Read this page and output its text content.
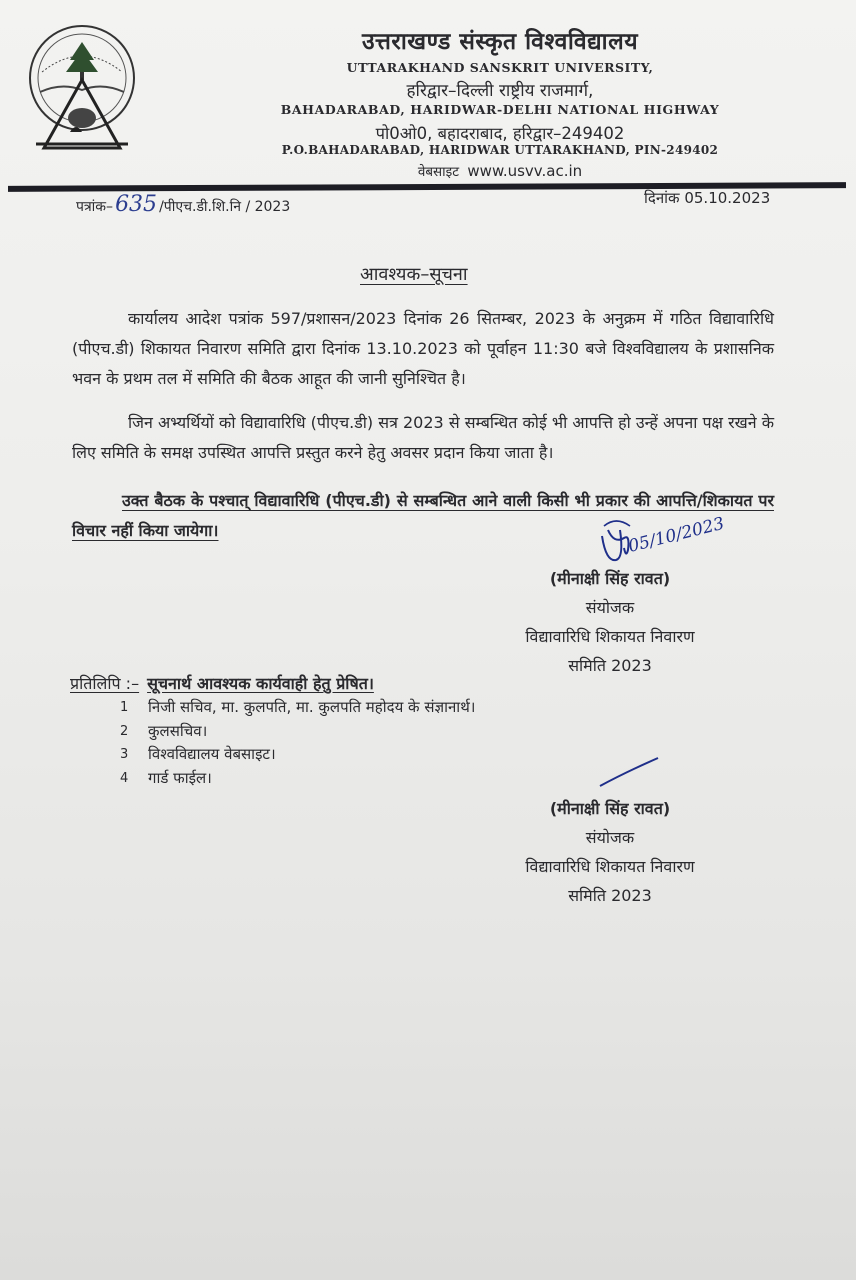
उत्तराखण्ड संस्कृत विश्वविद्यालय
UTTARAKHAND SANSKRIT UNIVERSITY,
हरिद्वार–दिल्ली राष्ट्रीय राजमार्ग,
BAHADARABAD, HARIDWAR-DELHI NATIONAL HIGHWAY
पो0ओ0, बहादराबाद, हरिद्वार–249402
P.O.BAHADARABAD, HARIDWAR UTTARAKHAND, PIN-249402
वेबसाइट www.usvv.ac.in
पत्रांक–635 /पीएच.डी.शि.नि / 2023	दिनांक 05.10.2023
आवश्यक–सूचना
कार्यालय आदेश पत्रांक 597/प्रशासन/2023 दिनांक 26 सितम्बर, 2023 के अनुक्रम में गठित विद्यावारिधि (पीएच.डी) शिकायत निवारण समिति द्वारा दिनांक 13.10.2023 को पूर्वाहन 11:30 बजे विश्वविद्यालय के प्रशासनिक भवन के प्रथम तल में समिति की बैठक आहूत की जानी सुनिश्चित है।
जिन अभ्यर्थियों को विद्यावारिधि (पीएच.डी) सत्र 2023 से सम्बन्धित कोई भी आपत्ति हो उन्हें अपना पक्ष रखने के लिए समिति के समक्ष उपस्थित आपत्ति प्रस्तुत करने हेतु अवसर प्रदान किया जाता है।
उक्त बैठक के पश्चात् विद्यावारिधि (पीएच.डी) से सम्बन्धित आने वाली किसी भी प्रकार की आपत्ति/शिकायत पर विचार नहीं किया जायेगा।	05/10/2023
(मीनाक्षी सिंह रावत)
संयोजक
विद्यावारिधि शिकायत निवारण
समिति 2023
प्रतिलिपि :– सूचनार्थ आवश्यक कार्यवाही हेतु प्रेषित।
1	निजी सचिव, मा. कुलपति, मा. कुलपति महोदय के संज्ञानार्थ।
2	कुलसचिव।
3	विश्वविद्यालय वेबसाइट।
4	गार्ड फाईल।
(मीनाक्षी सिंह रावत)
संयोजक
विद्यावारिधि शिकायत निवारण
समिति 2023
